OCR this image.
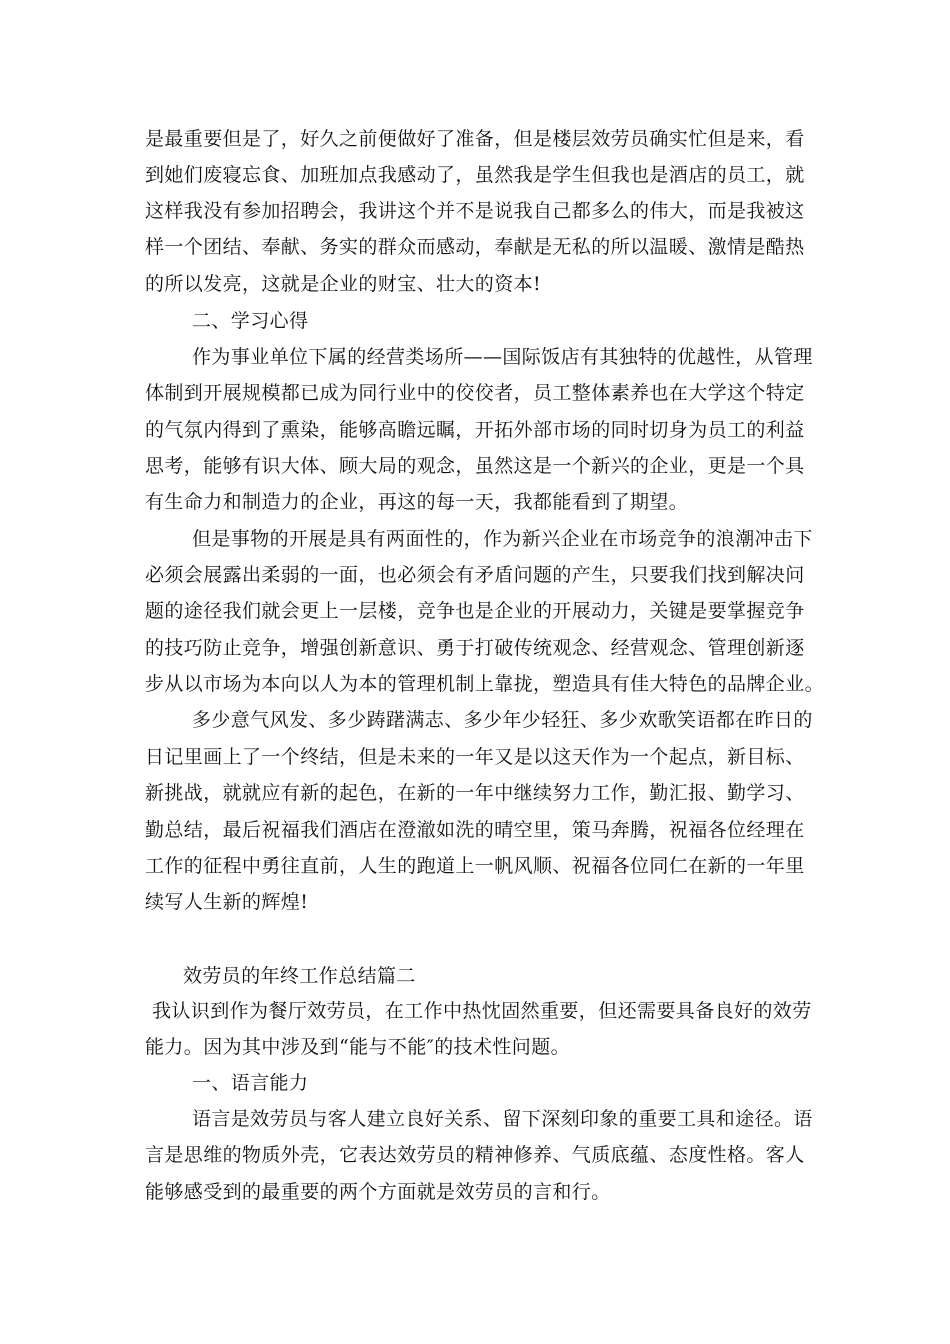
是最重要但是了，好久之前便做好了准备，但是楼层效劳员确实忙但是来，看
到她们废寝忘食、加班加点我感动了，虽然我是学生但我也是酒店的员工，就
这样我没有参加招聘会，我讲这个并不是说我自己都多么的伟大，而是我被这
样一个团结、奉献、务实的群众而感动，奉献是无私的所以温暖、激情是酷热
的所以发亮，这就是企业的财宝、壮大的资本!
二、学习心得
作为事业单位下属的经营类场所——国际饭店有其独特的优越性，从管理
体制到开展规模都已成为同行业中的佼佼者，员工整体素养也在大学这个特定
的气氛内得到了熏染，能够高瞻远瞩，开拓外部市场的同时切身为员工的利益
思考，能够有识大体、顾大局的观念，虽然这是一个新兴的企业，更是一个具
有生命力和制造力的企业，再这的每一天，我都能看到了期望。
但是事物的开展是具有两面性的，作为新兴企业在市场竞争的浪潮冲击下
必须会展露出柔弱的一面，也必须会有矛盾问题的产生，只要我们找到解决问
题的途径我们就会更上一层楼，竞争也是企业的开展动力，关键是要掌握竞争
的技巧防止竞争，增强创新意识、勇于打破传统观念、经营观念、管理创新逐
步从以市场为本向以人为本的管理机制上靠拢，塑造具有佳大特色的品牌企业。
多少意气风发、多少踌躇满志、多少年少轻狂、多少欢歌笑语都在昨日的
日记里画上了一个终结，但是未来的一年又是以这天作为一个起点，新目标、
新挑战，就就应有新的起色，在新的一年中继续努力工作，勤汇报、勤学习、
勤总结，最后祝福我们酒店在澄澈如洗的晴空里，策马奔腾，祝福各位经理在
工作的征程中勇往直前，人生的跑道上一帆风顺、祝福各位同仁在新的一年里
续写人生新的辉煌!
效劳员的年终工作总结篇二
我认识到作为餐厅效劳员，在工作中热忱固然重要，但还需要具备良好的效劳
能力。因为其中涉及到“能与不能″的技术性问题。
一、语言能力
语言是效劳员与客人建立良好关系、留下深刻印象的重要工具和途径。语
言是思维的物质外壳，它表达效劳员的精神修养、气质底蕴、态度性格。客人
能够感受到的最重要的两个方面就是效劳员的言和行。
